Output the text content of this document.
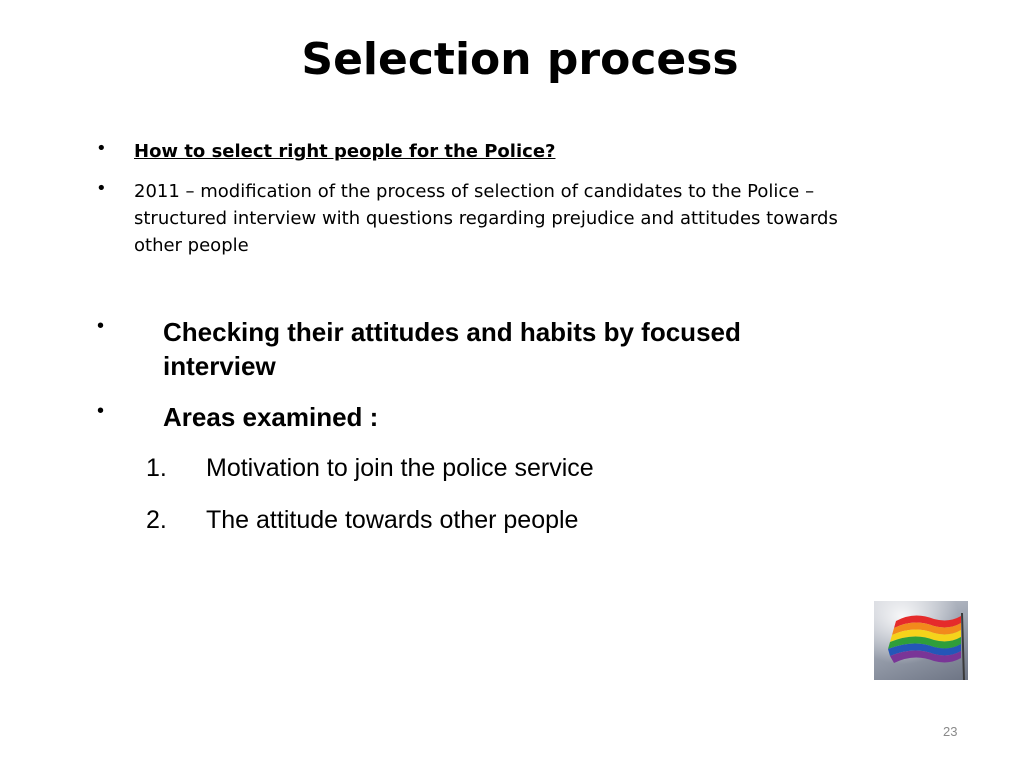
Selection process
• How to select right people for the Police?
• 2011 – modification of the process of selection of candidates to the Police – structured interview with questions regarding prejudice and attitudes towards other people
• Checking their attitudes and habits by focused interview
• Areas examined :
1. Motivation to join the police service
2. The attitude towards other people
23
